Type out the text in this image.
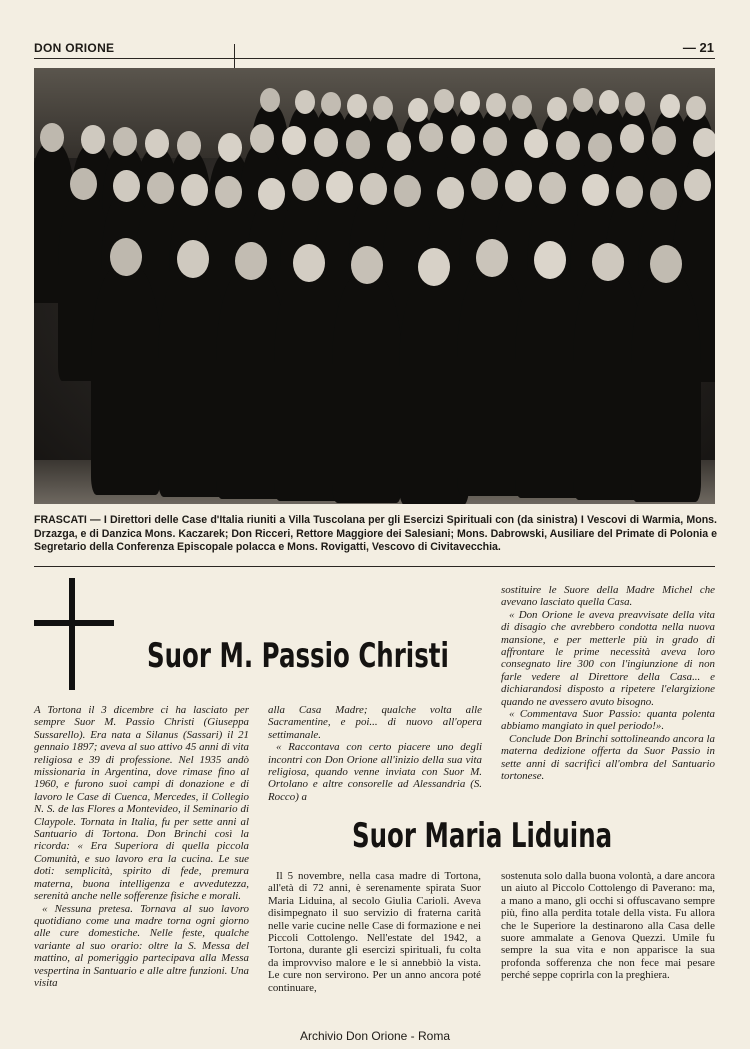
DON ORIONE	— 21
FRASCATI — I Direttori delle Case d'Italia riuniti a Villa Tuscolana per gli Esercizi Spirituali con (da sinistra) I Vescovi di Warmia, Mons. Drzazga, e di Danzica Mons. Kaczarek; Don Ricceri, Rettore Maggiore dei Salesiani; Mons. Dabrowski, Ausiliare del Primate di Polonia e Segretario della Conferenza Episcopale polacca e Mons. Rovigatti, Vescovo di Civitavecchia.
Suor M. Passio Christi

A Tortona il 3 dicembre ci ha lasciato per sempre Suor M. Passio Christi (Giuseppa Sussarello). Era nata a Silanus (Sassari) il 21 gennaio 1897; aveva al suo attivo 45 anni di vita religiosa e 39 di professione. Nel 1935 andò missionaria in Argentina, dove rimase fino al 1960, e furono suoi campi di donazione e di lavoro le Case di Cuenca, Mercedes, il Collegio N. S. de las Flores a Montevideo, il Seminario di Claypole. Tornata in Italia, fu per sette anni al Santuario di Tortona. Don Brinchi così la ricorda: « Era Superiora di quella piccola Comunità, e suo lavoro era la cucina. Le sue doti: semplicità, spirito di fede, premura materna, buona intelligenza e avvedutezza, serenità anche nelle sofferenze fisiche e morali.

« Nessuna pretesa. Tornava al suo lavoro quotidiano come una madre torna ogni giorno alle cure domestiche. Nelle feste, qualche variante al suo orario: oltre la S. Messa del mattino, al pomeriggio partecipava alla Messa vespertina in Santuario e alle altre funzioni. Una visita

alla Casa Madre; qualche volta alle Sacramentine, e poi... di nuovo all'opera settimanale.

« Raccontava con certo piacere uno degli incontri con Don Orione all'inizio della sua vita religiosa, quando venne inviata con Suor M. Ortolano e altre consorelle ad Alessandria (S. Rocco) a

sostituire le Suore della Madre Michel che avevano lasciato quella Casa.

« Don Orione le aveva preavvisate della vita di disagio che avrebbero condotta nella nuova mansione, e per metterle più in grado di affrontare le prime necessità aveva loro consegnato lire 300 con l'ingiunzione di non farle vedere al Direttore della Casa... e dichiarandosi disposto a ripetere l'elargizione quando ne avessero avuto bisogno.

« Commentava Suor Passio: quanta polenta abbiamo mangiato in quel periodo!».

Conclude Don Brinchi sottolineando ancora la materna dedizione offerta da Suor Passio in sette anni di sacrifici all'ombra del Santuario tortonese.

Suor Maria Liduina

Il 5 novembre, nella casa madre di Tortona, all'età di 72 anni, è serenamente spirata Suor Maria Liduina, al secolo Giulia Carioli. Aveva disimpegnato il suo servizio di fraterna carità nelle varie cucine nelle Case di formazione e nei Piccoli Cottolengo. Nell'estate del 1942, a Tortona, durante gli esercizi spirituali, fu colta da improvviso malore e le si annebbiò la vista. Le cure non servirono. Per un anno ancora poté continuare,

sostenuta solo dalla buona volontà, a dare ancora un aiuto al Piccolo Cottolengo di Paverano: ma, a mano a mano, gli occhi si offuscavano sempre più, fino alla perdita totale della vista. Fu allora che le Superiore la destinarono alla Casa delle suore ammalate a Genova Quezzi. Umile fu sempre la sua vita e non apparisce la sua profonda sofferenza che non fece mai pesare perché seppe coprirla con la preghiera.

Archivio Don Orione - Roma
